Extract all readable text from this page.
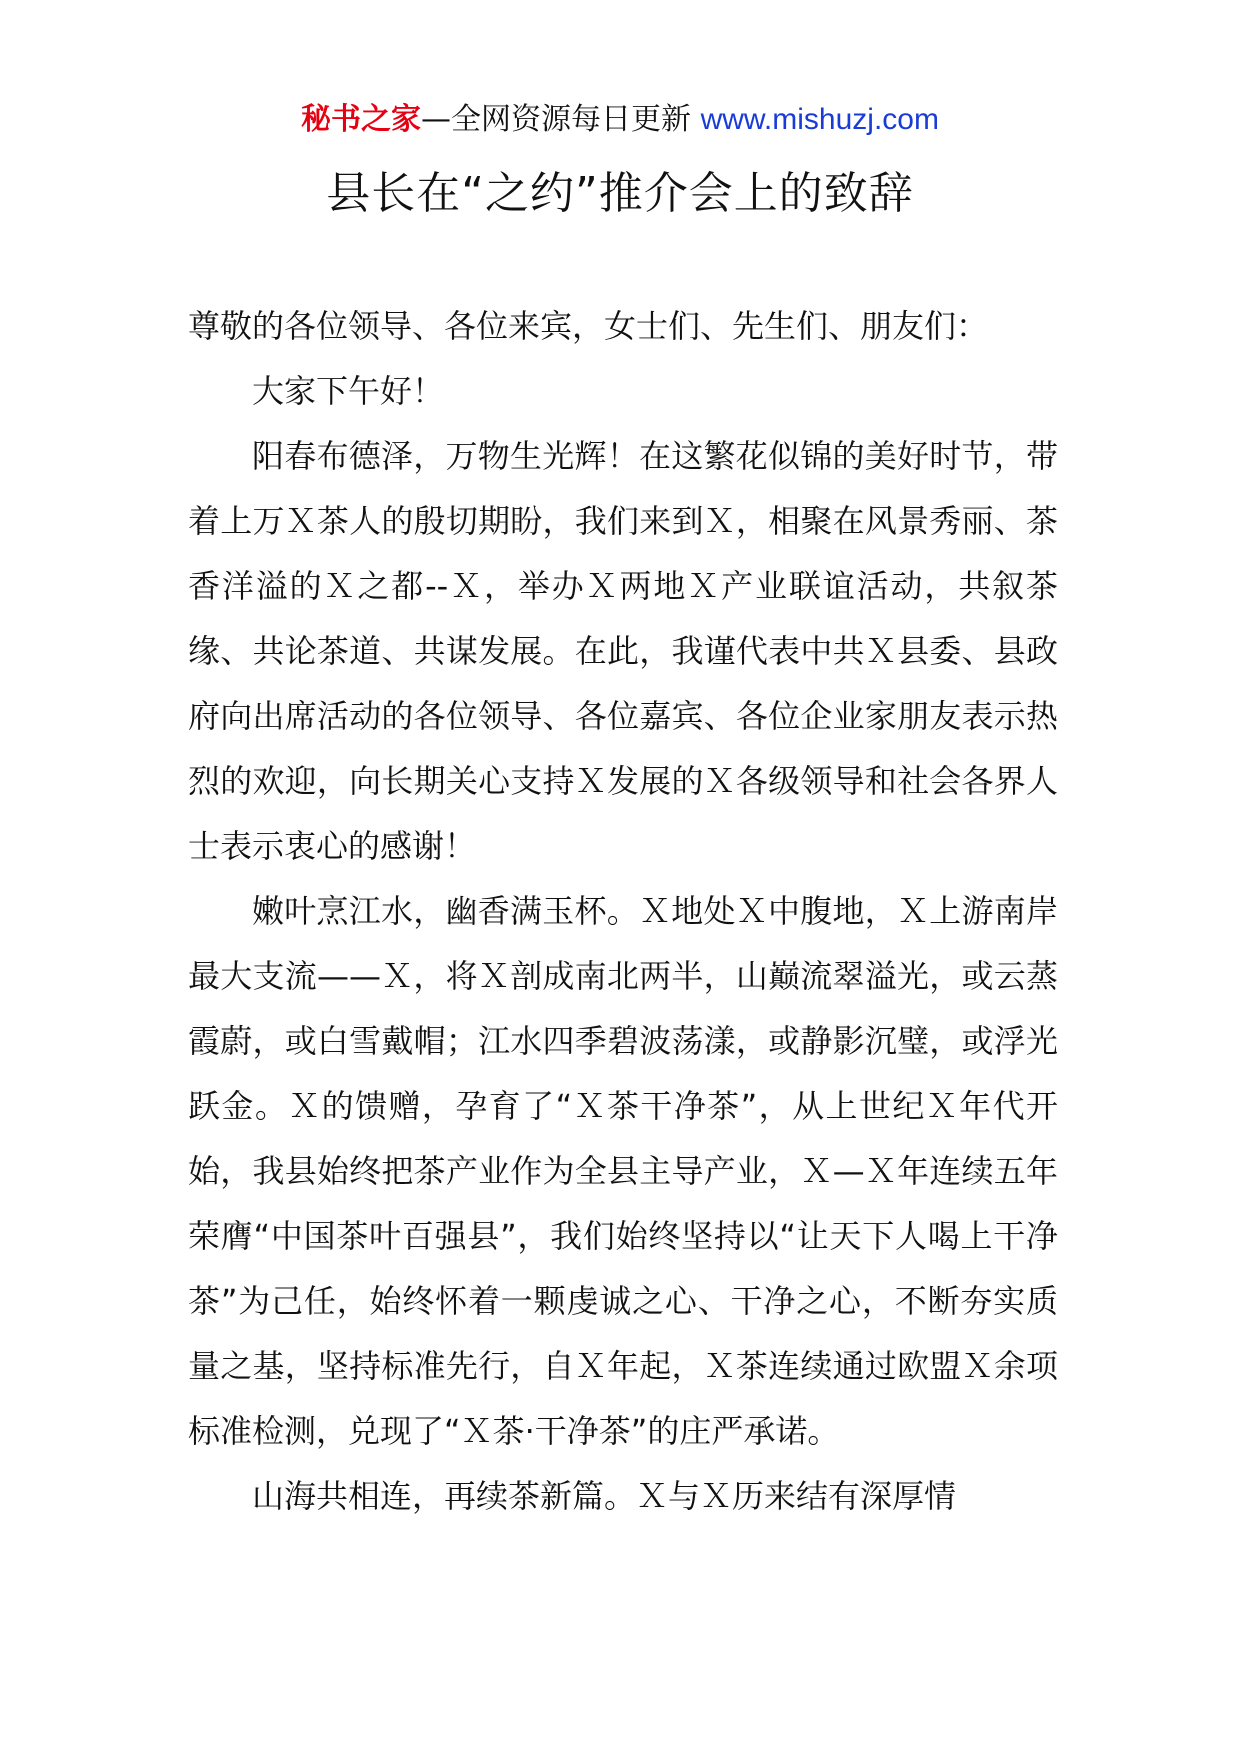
秘书之家—全网资源每日更新 www.mishuzj.com
县长在“之约”推介会上的致辞

尊敬的各位领导、各位来宾，女士们、先生们、朋友们：

大家下午好！

阳春布德泽，万物生光辉！在这繁花似锦的美好时节，带着上万Ｘ茶人的殷切期盼，我们来到Ｘ，相聚在风景秀丽、茶香洋溢的Ｘ之都--Ｘ，举办Ｘ两地Ｘ产业联谊活动，共叙茶缘、共论茶道、共谋发展。在此，我谨代表中共Ｘ县委、县政府向出席活动的各位领导、各位嘉宾、各位企业家朋友表示热烈的欢迎，向长期关心支持Ｘ发展的Ｘ各级领导和社会各界人士表示衷心的感谢！

嫩叶烹江水，幽香满玉杯。Ｘ地处Ｘ中腹地，Ｘ上游南岸最大支流——Ｘ，将Ｘ剖成南北两半，山巅流翠溢光，或云蒸霞蔚，或白雪戴帽；江水四季碧波荡漾，或静影沉璧，或浮光跃金。Ｘ的馈赠，孕育了“Ｘ茶干净茶”，从上世纪Ｘ年代开始，我县始终把茶产业作为全县主导产业，Ｘ—Ｘ年连续五年荣膺“中国茶叶百强县”，我们始终坚持以“让天下人喝上干净茶”为己任，始终怀着一颗虔诚之心、干净之心，不断夯实质量之基，坚持标准先行，自Ｘ年起，Ｘ茶连续通过欧盟Ｘ余项标准检测，兑现了“Ｘ茶·干净茶”的庄严承诺。

山海共相连，再续茶新篇。Ｘ与Ｘ历来结有深厚情
